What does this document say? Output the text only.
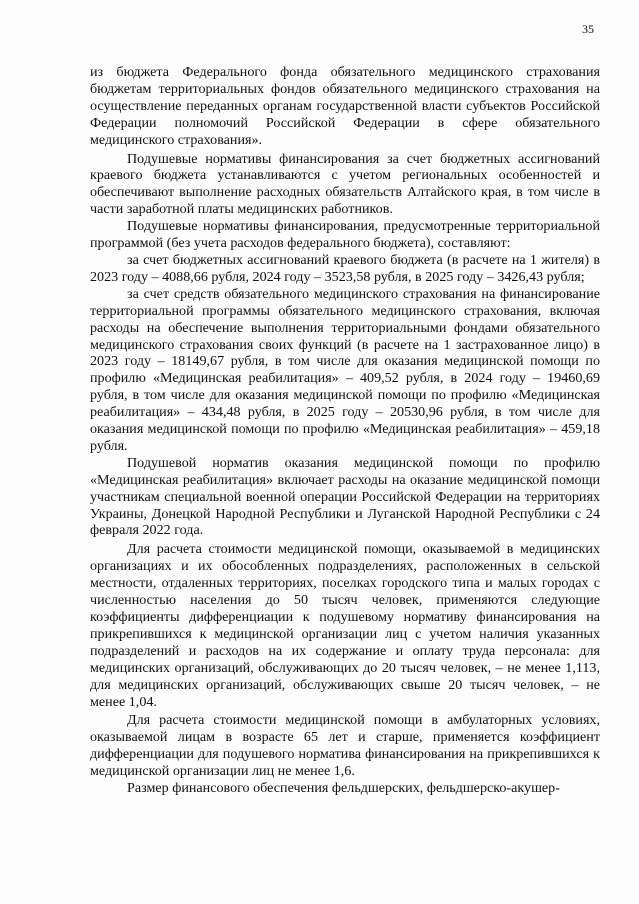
35

из бюджета Федерального фонда обязательного медицинского страхования бюджетам территориальных фондов обязательного медицинского страхования на осуществление переданных органам государственной власти субъектов Российской Федерации полномочий Российской Федерации в сфере обязательного медицинского страхования».

Подушевые нормативы финансирования за счет бюджетных ассигнований краевого бюджета устанавливаются с учетом региональных особенностей и обеспечивают выполнение расходных обязательств Алтайского края, в том числе в части заработной платы медицинских работников.

Подушевые нормативы финансирования, предусмотренные территориальной программой (без учета расходов федерального бюджета), составляют:

за счет бюджетных ассигнований краевого бюджета (в расчете на 1 жителя) в 2023 году – 4088,66 рубля, 2024 году – 3523,58 рубля, в 2025 году – 3426,43 рубля;

за счет средств обязательного медицинского страхования на финансирование территориальной программы обязательного медицинского страхования, включая расходы на обеспечение выполнения территориальными фондами обязательного медицинского страхования своих функций (в расчете на 1 застрахованное лицо) в 2023 году – 18149,67 рубля, в том числе для оказания медицинской помощи по профилю «Медицинская реабилитация» – 409,52 рубля, в 2024 году – 19460,69 рубля, в том числе для оказания медицинской помощи по профилю «Медицинская реабилитация» – 434,48 рубля, в 2025 году – 20530,96 рубля, в том числе для оказания медицинской помощи по профилю «Медицинская реабилитация» – 459,18 рубля.

Подушевой норматив оказания медицинской помощи по профилю «Медицинская реабилитация» включает расходы на оказание медицинской помощи участникам специальной военной операции Российской Федерации на территориях Украины, Донецкой Народной Республики и Луганской Народной Республики с 24 февраля 2022 года.

Для расчета стоимости медицинской помощи, оказываемой в медицинских организациях и их обособленных подразделениях, расположенных в сельской местности, отдаленных территориях, поселках городского типа и малых городах с численностью населения до 50 тысяч человек, применяются следующие коэффициенты дифференциации к подушевому нормативу финансирования на прикрепившихся к медицинской организации лиц с учетом наличия указанных подразделений и расходов на их содержание и оплату труда персонала: для медицинских организаций, обслуживающих до 20 тысяч человек, – не менее 1,113, для медицинских организаций, обслуживающих свыше 20 тысяч человек, – не менее 1,04.

Для расчета стоимости медицинской помощи в амбулаторных условиях, оказываемой лицам в возрасте 65 лет и старше, применяется коэффициент дифференциации для подушевого норматива финансирования на прикрепившихся к медицинской организации лиц не менее 1,6.

Размер финансового обеспечения фельдшерских, фельдшерско-акушер-
